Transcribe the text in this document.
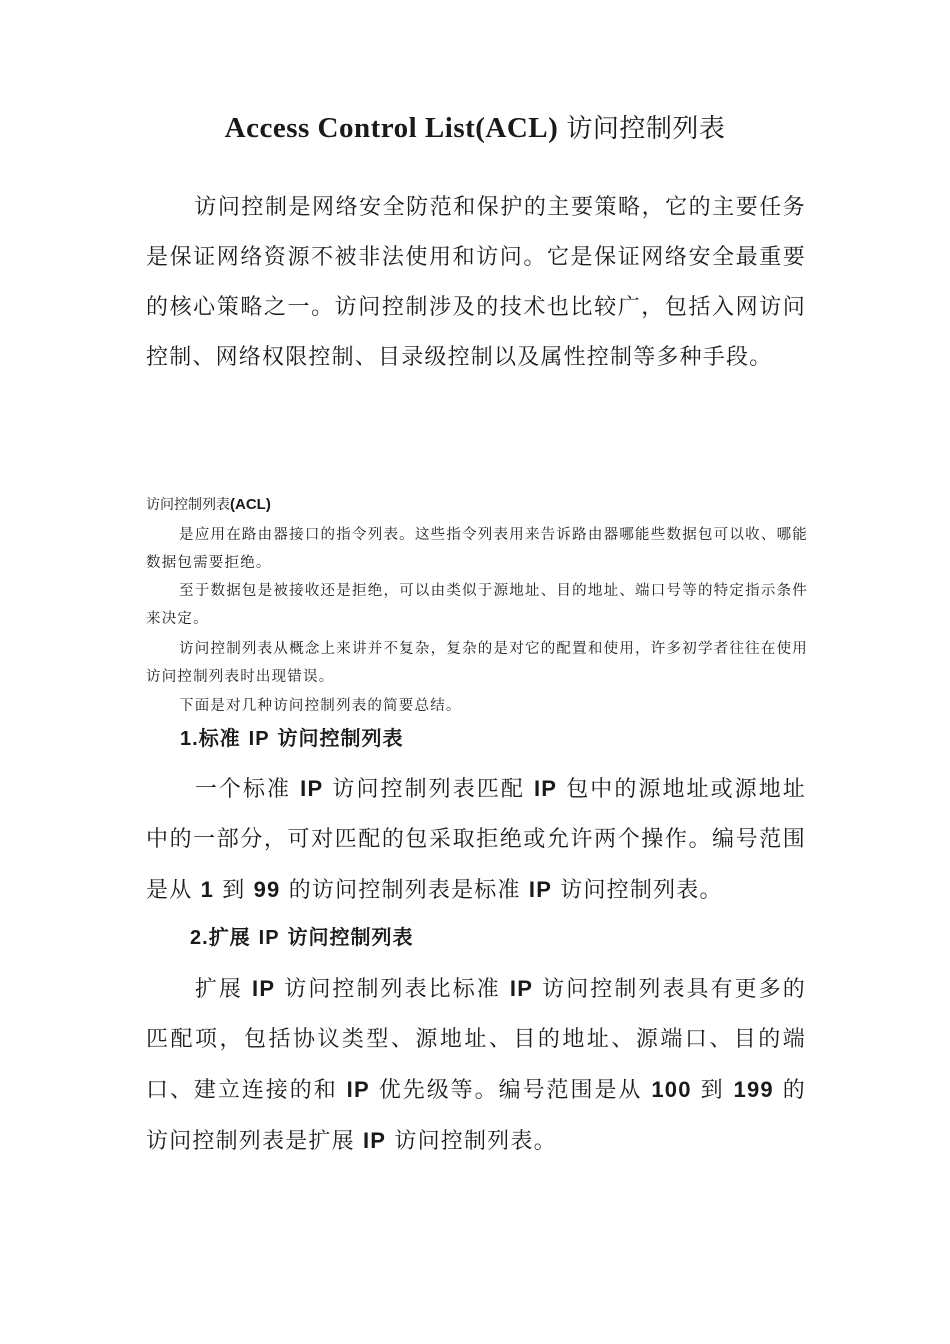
Access Control List(ACL) 访问控制列表

访问控制是网络安全防范和保护的主要策略，它的主要任务是保证网络资源不被非法使用和访问。它是保证网络安全最重要的核心策略之一。访问控制涉及的技术也比较广，包括入网访问控制、网络权限控制、目录级控制以及属性控制等多种手段。

访问控制列表(ACL)

是应用在路由器接口的指令列表。这些指令列表用来告诉路由器哪能些数据包可以收、哪能数据包需要拒绝。

至于数据包是被接收还是拒绝，可以由类似于源地址、目的地址、端口号等的特定指示条件来决定。

访问控制列表从概念上来讲并不复杂，复杂的是对它的配置和使用，许多初学者往往在使用访问控制列表时出现错误。

下面是对几种访问控制列表的简要总结。

1.标准 IP 访问控制列表

一个标准 IP 访问控制列表匹配 IP 包中的源地址或源地址中的一部分，可对匹配的包采取拒绝或允许两个操作。编号范围是从 1 到 99 的访问控制列表是标准 IP 访问控制列表。

2.扩展 IP 访问控制列表

扩展 IP 访问控制列表比标准 IP 访问控制列表具有更多的匹配项，包括协议类型、源地址、目的地址、源端口、目的端口、建立连接的和 IP 优先级等。编号范围是从 100 到 199 的访问控制列表是扩展 IP 访问控制列表。
